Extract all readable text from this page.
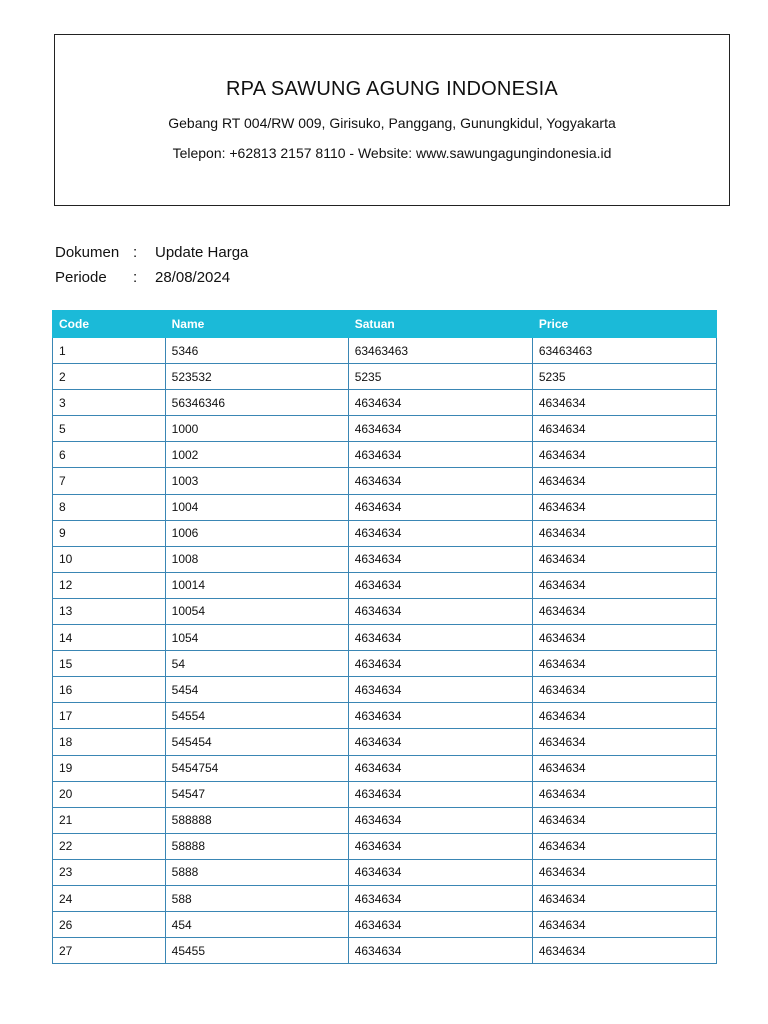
RPA SAWUNG AGUNG INDONESIA
Gebang RT 004/RW 009, Girisuko, Panggang, Gunungkidul, Yogyakarta
Telepon: +62813 2157 8110 - Website: www.sawungagungindonesia.id
Dokumen : Update Harga
Periode : 28/08/2024
Code	Name	Satuan	Price
1	5346	63463463	63463463
2	523532	5235	5235
3	56346346	4634634	4634634
5	1000	4634634	4634634
6	1002	4634634	4634634
7	1003	4634634	4634634
8	1004	4634634	4634634
9	1006	4634634	4634634
10	1008	4634634	4634634
12	10014	4634634	4634634
13	10054	4634634	4634634
14	1054	4634634	4634634
15	54	4634634	4634634
16	5454	4634634	4634634
17	54554	4634634	4634634
18	545454	4634634	4634634
19	5454754	4634634	4634634
20	54547	4634634	4634634
21	588888	4634634	4634634
22	58888	4634634	4634634
23	5888	4634634	4634634
24	588	4634634	4634634
26	454	4634634	4634634
27	45455	4634634	4634634
